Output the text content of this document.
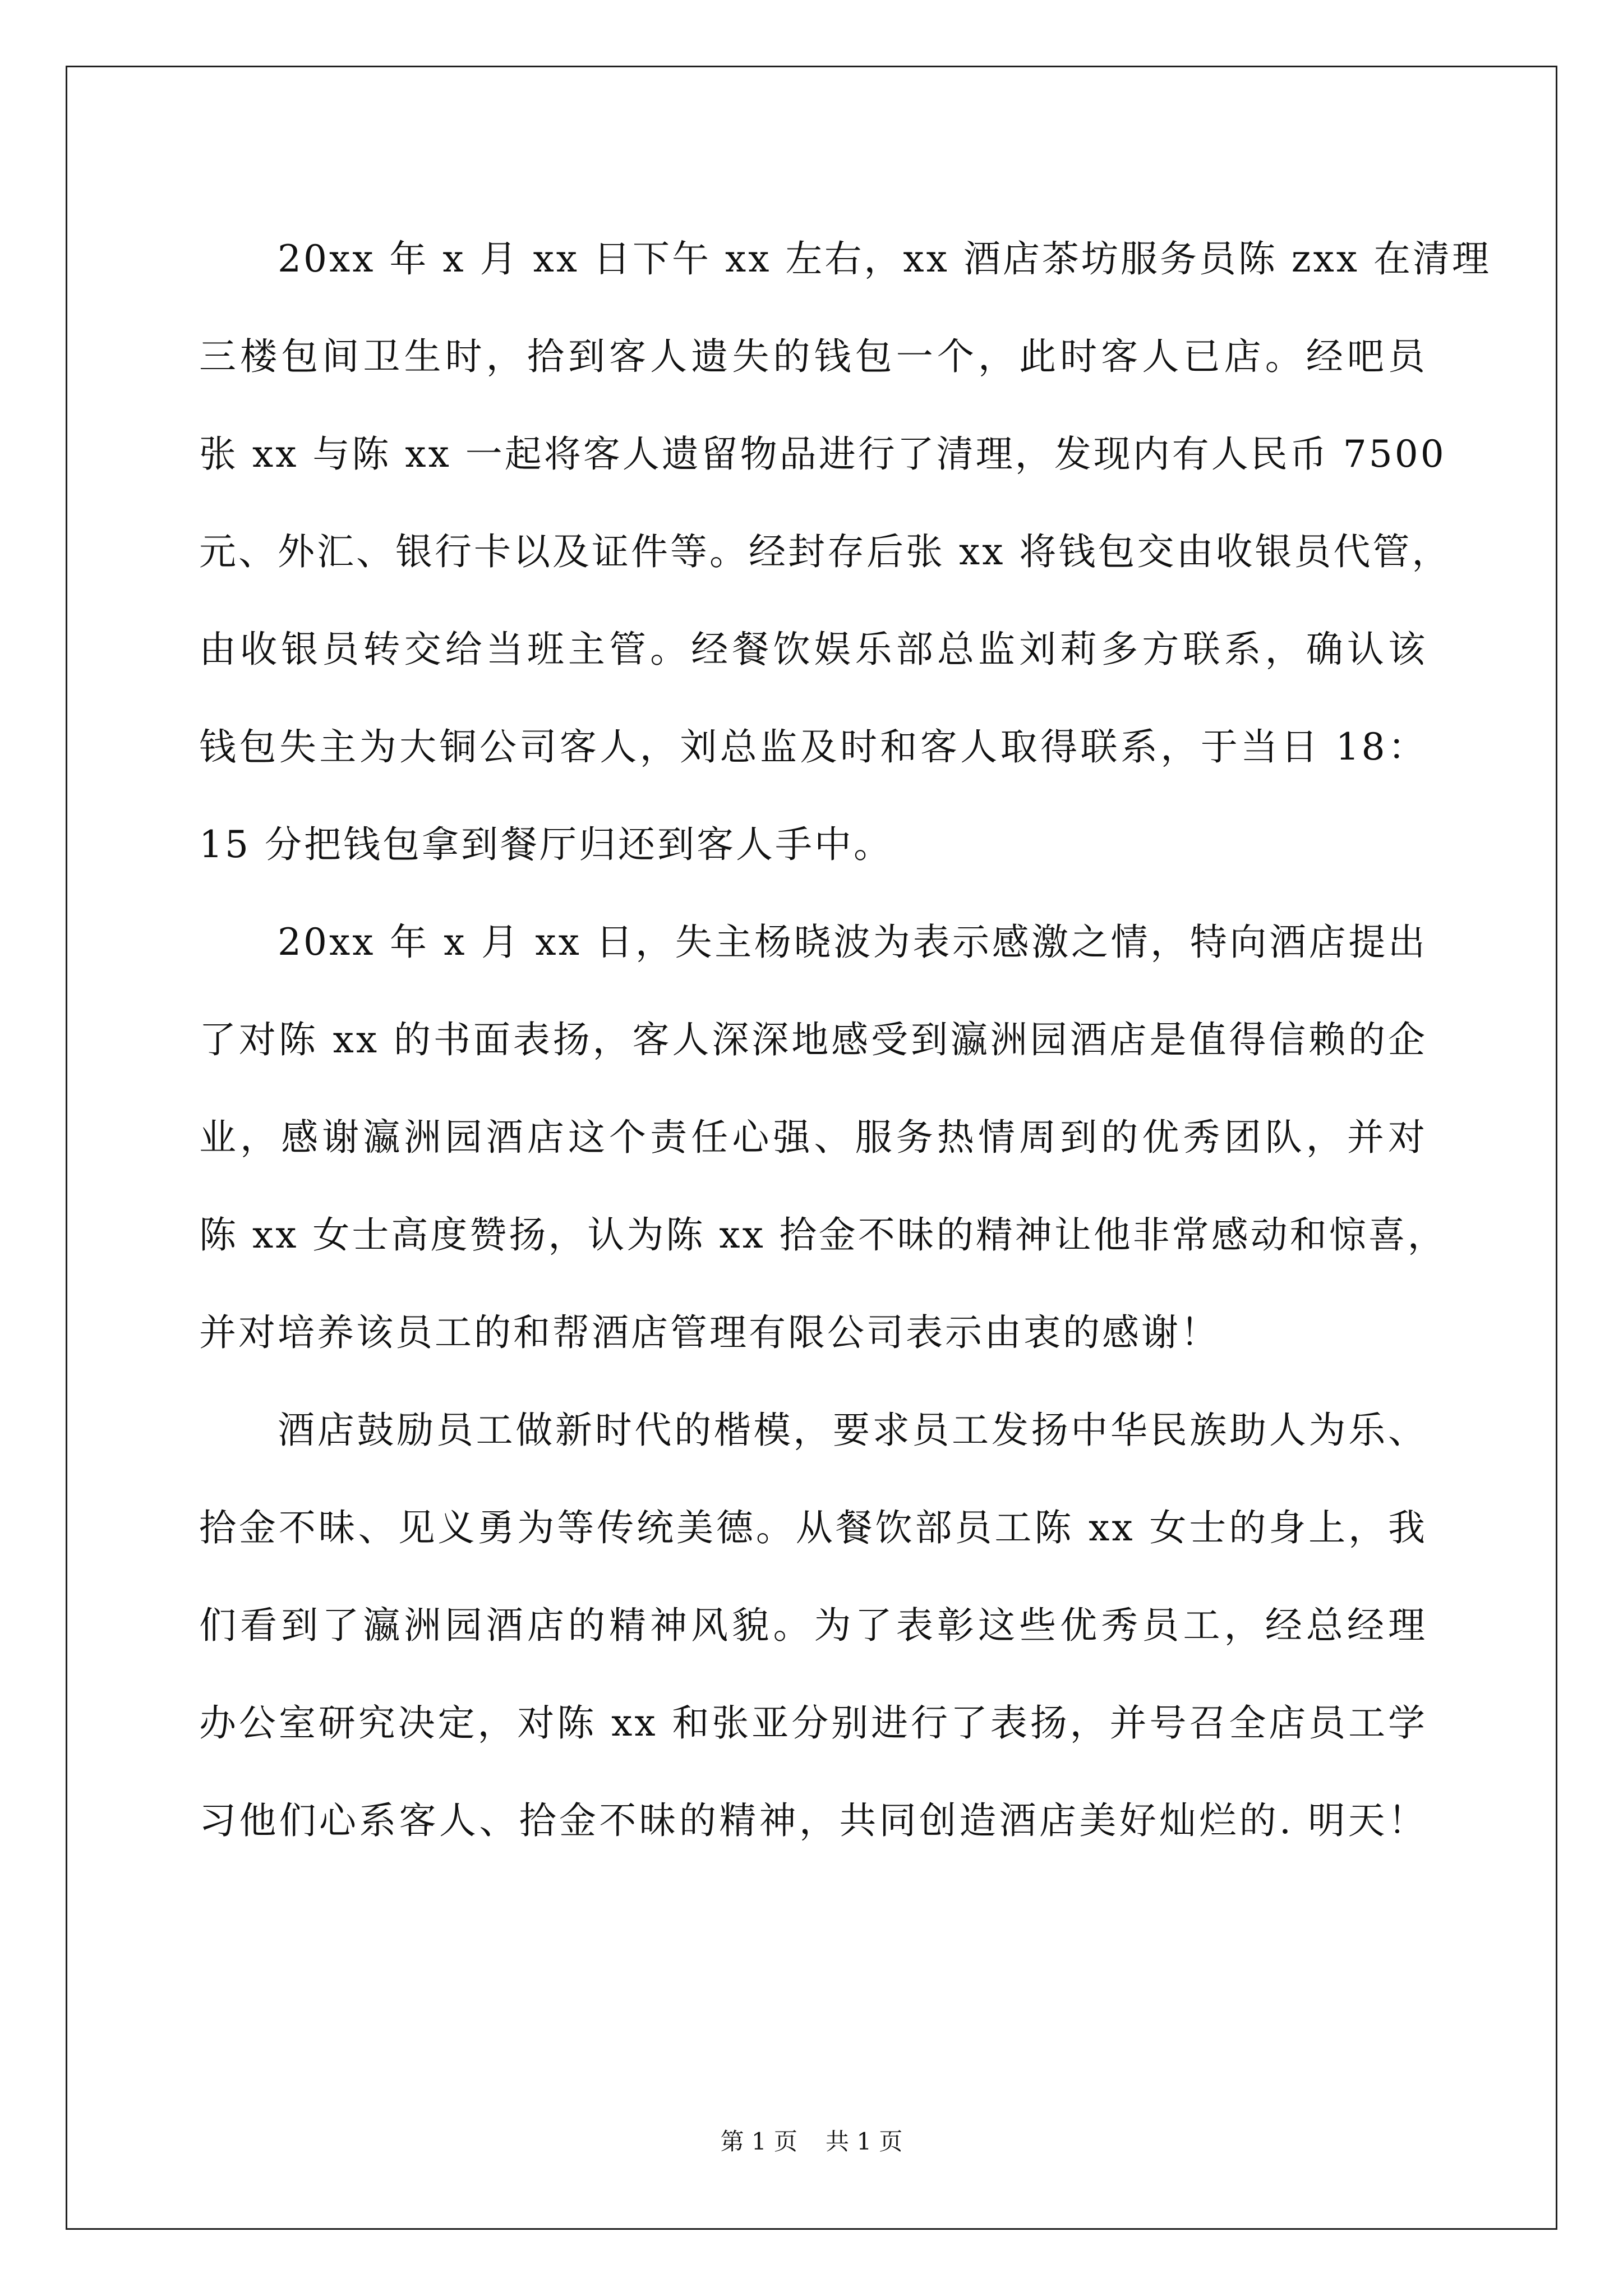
20xx 年 x 月 xx 日下午 xx 左右，xx 酒店茶坊服务员陈 zxx 在清理
三楼包间卫生时，拾到客人遗失的钱包一个，此时客人已店。经吧员
张 xx 与陈 xx 一起将客人遗留物品进行了清理，发现内有人民币 7500
元、外汇、银行卡以及证件等。经封存后张 xx 将钱包交由收银员代管，
由收银员转交给当班主管。经餐饮娱乐部总监刘莉多方联系，确认该
钱包失主为大铜公司客人，刘总监及时和客人取得联系，于当日 18：
15 分把钱包拿到餐厅归还到客人手中。
20xx 年 x 月 xx 日，失主杨晓波为表示感激之情，特向酒店提出
了对陈 xx 的书面表扬，客人深深地感受到瀛洲园酒店是值得信赖的企
业，感谢瀛洲园酒店这个责任心强、服务热情周到的优秀团队，并对
陈 xx 女士高度赞扬，认为陈 xx 拾金不昧的精神让他非常感动和惊喜，
并对培养该员工的和帮酒店管理有限公司表示由衷的感谢！
酒店鼓励员工做新时代的楷模，要求员工发扬中华民族助人为乐、
拾金不昧、见义勇为等传统美德。从餐饮部员工陈 xx 女士的身上，我
们看到了瀛洲园酒店的精神风貌。为了表彰这些优秀员工，经总经理
办公室研究决定，对陈 xx 和张亚分别进行了表扬，并号召全店员工学
习他们心系客人、拾金不昧的精神，共同创造酒店美好灿烂的. 明天！
第 1 页 共 1 页
